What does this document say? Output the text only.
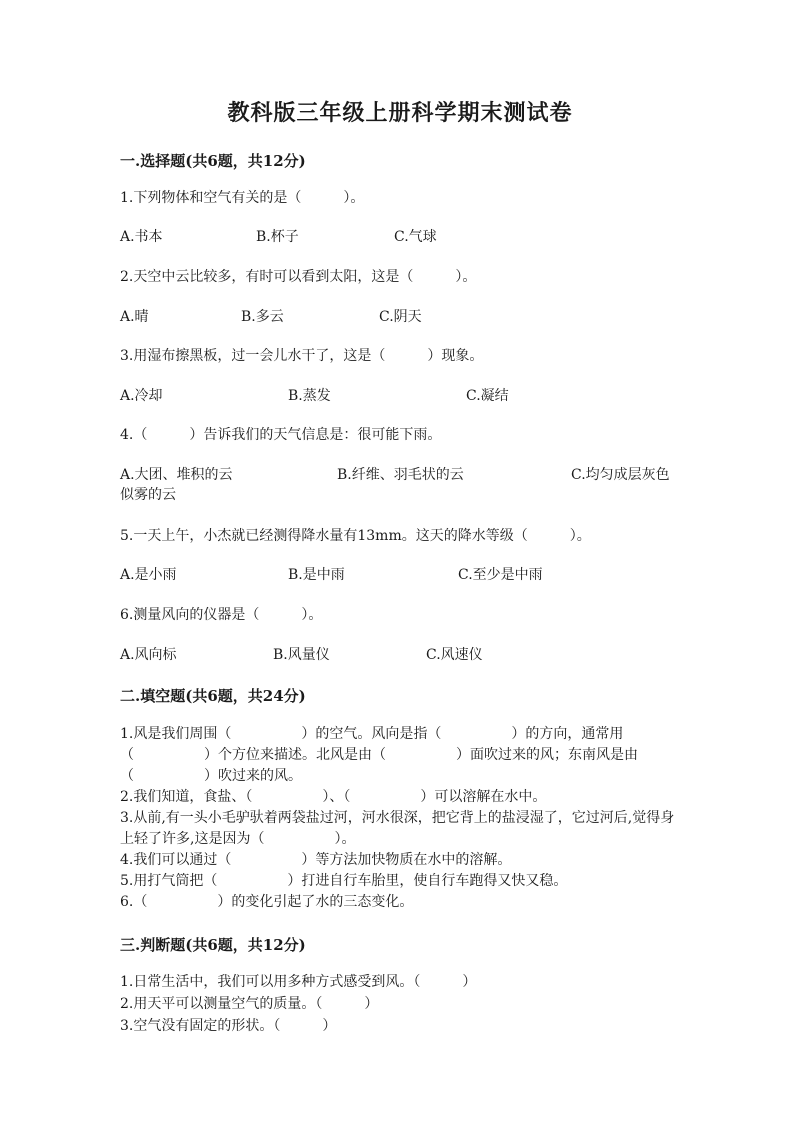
教科版三年级上册科学期末测试卷
一.选择题(共6题，共12分)
1.下列物体和空气有关的是（　　　）。
A.书本	B.杯子	C.气球
2.天空中云比较多，有时可以看到太阳，这是（　　　）。
A.晴	B.多云	C.阴天
3.用湿布擦黑板，过一会儿水干了，这是（　　　）现象。
A.冷却	B.蒸发	C.凝结
4.（　　　）告诉我们的天气信息是：很可能下雨。
A.大团、堆积的云	B.纤维、羽毛状的云	C.均匀成层灰色似雾的云
5.一天上午，小杰就已经测得降水量有13mm。这天的降水等级（　　　）。
A.是小雨	B.是中雨	C.至少是中雨
6.测量风向的仪器是（　　　）。
A.风向标	B.风量仪	C.风速仪
二.填空题(共6题，共24分)

1.风是我们周围（　　　　　）的空气。风向是指（　　　　　）的方向，通常用（　　　　　）个方位来描述。北风是由（　　　　　）面吹过来的风；东南风是由（　　　　　）吹过来的风。

2.我们知道，食盐、（　　　　　）、（　　　　　）可以溶解在水中。

3.从前,有一头小毛驴驮着两袋盐过河，河水很深，把它背上的盐浸湿了，它过河后,觉得身上轻了许多,这是因为（　　　　　）。

4.我们可以通过（　　　　　）等方法加快物质在水中的溶解。

5.用打气筒把（　　　　　）打进自行车胎里，使自行车跑得又快又稳。

6.（　　　　　）的变化引起了水的三态变化。

三.判断题(共6题，共12分)

1.日常生活中，我们可以用多种方式感受到风。（　　　）

2.用天平可以测量空气的质量。（　　　）

3.空气没有固定的形状。（　　　）
